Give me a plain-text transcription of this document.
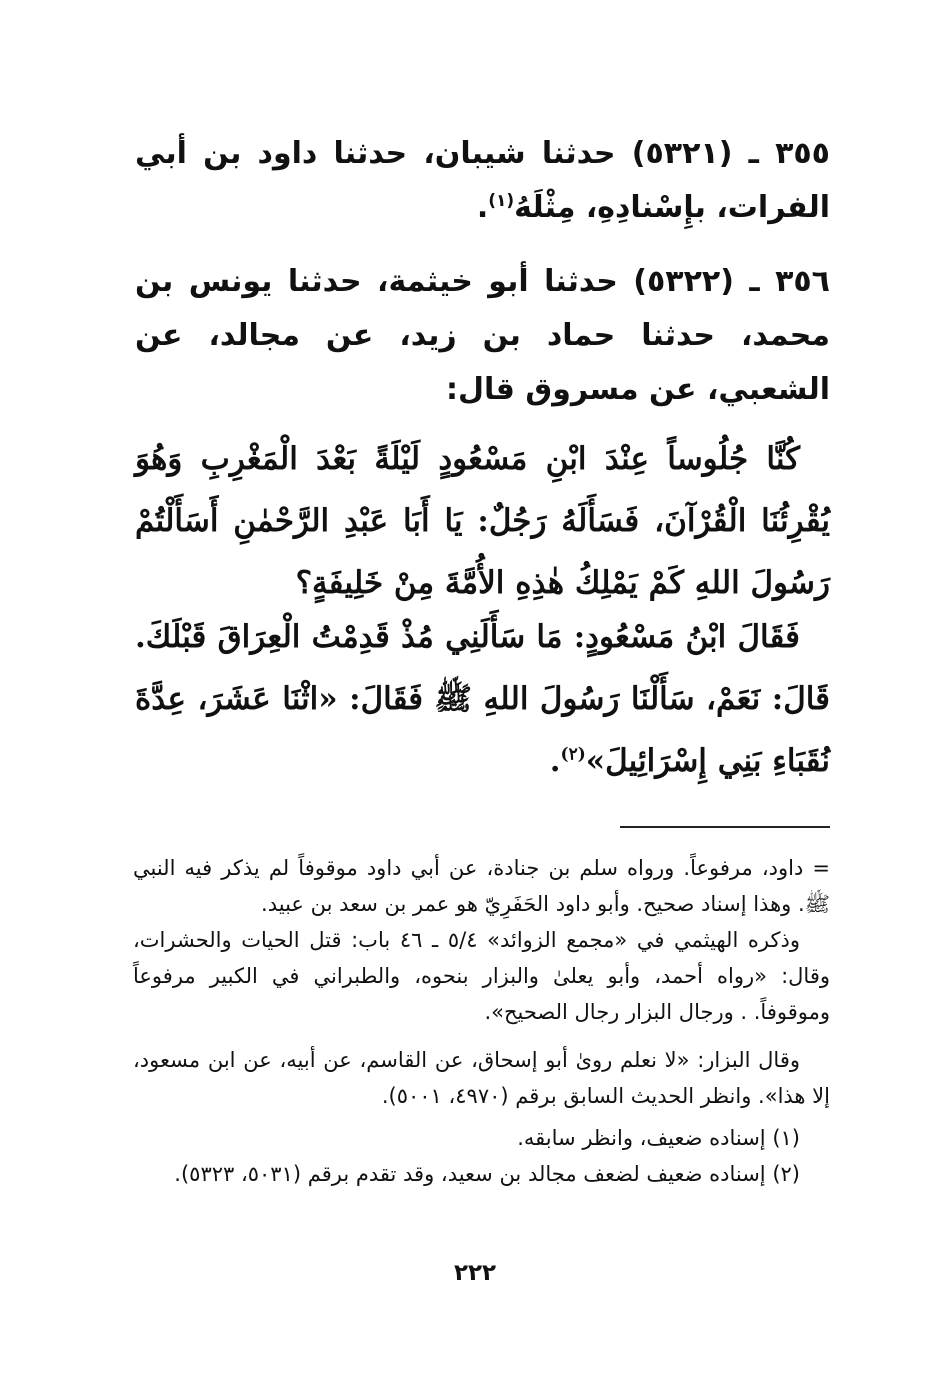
٣٥٥ ـ (٥٣٢١) حدثنا شيبان، حدثنا داود بن أبي الفرات، بإِسْنادِهِ، مِثْلَهُ$^{(١)}$.

٣٥٦ ـ (٥٣٢٢) حدثنا أبو خيثمة، حدثنا يونس بن محمد، حدثنا حماد بن زيد، عن مجالد، عن الشعبي، عن مسروق قال:

كُنَّا جُلُوساً عِنْدَ ابْنِ مَسْعُودٍ لَيْلَةً بَعْدَ الْمَغْرِبِ وَهُوَ يُقْرِئُنَا الْقُرْآنَ، فَسَأَلَهُ رَجُلٌ: يَا أَبَا عَبْدِ الرَّحْمٰنِ أَسَأَلْتُمْ رَسُولَ اللهِ كَمْ يَمْلِكُ هٰذِهِ الأُمَّةَ مِنْ خَلِيفَةٍ؟

فَقَالَ ابْنُ مَسْعُودٍ: مَا سَأَلَنِي مُذْ قَدِمْتُ الْعِرَاقَ قَبْلَكَ. قَالَ: نَعَمْ، سَأَلْنَا رَسُولَ اللهِ ﷺ فَقَالَ: «اثْنَا عَشَرَ، عِدَّةَ نُقَبَاءِ بَنِي إِسْرَائِيلَ»$^{(٢)}$.

= داود، مرفوعاً. ورواه سلم بن جنادة، عن أبي داود موقوفاً لم يذكر فيه النبي ﷺ. وهذا إسناد صحيح. وأبو داود الحَفَرِيّ هو عمر بن سعد بن عبيد.

وذكره الهيثمي في «مجمع الزوائد» ٥/٤ ـ ٤٦ باب: قتل الحيات والحشرات، وقال: «رواه أحمد، وأبو يعلىٰ والبزار بنحوه، والطبراني في الكبير مرفوعاً وموقوفاً. . ورجال البزار رجال الصحيح».

وقال البزار: «لا نعلم روىٰ أبو إسحاق، عن القاسم، عن أبيه، عن ابن مسعود، إلا هذا». وانظر الحديث السابق برقم (٤٩٧٠، ٥٠٠١).

(١) إسناده ضعيف، وانظر سابقه.

(٢) إسناده ضعيف لضعف مجالد بن سعيد، وقد تقدم برقم (٥٠٣١، ٥٣٢٣).

٢٢٢
